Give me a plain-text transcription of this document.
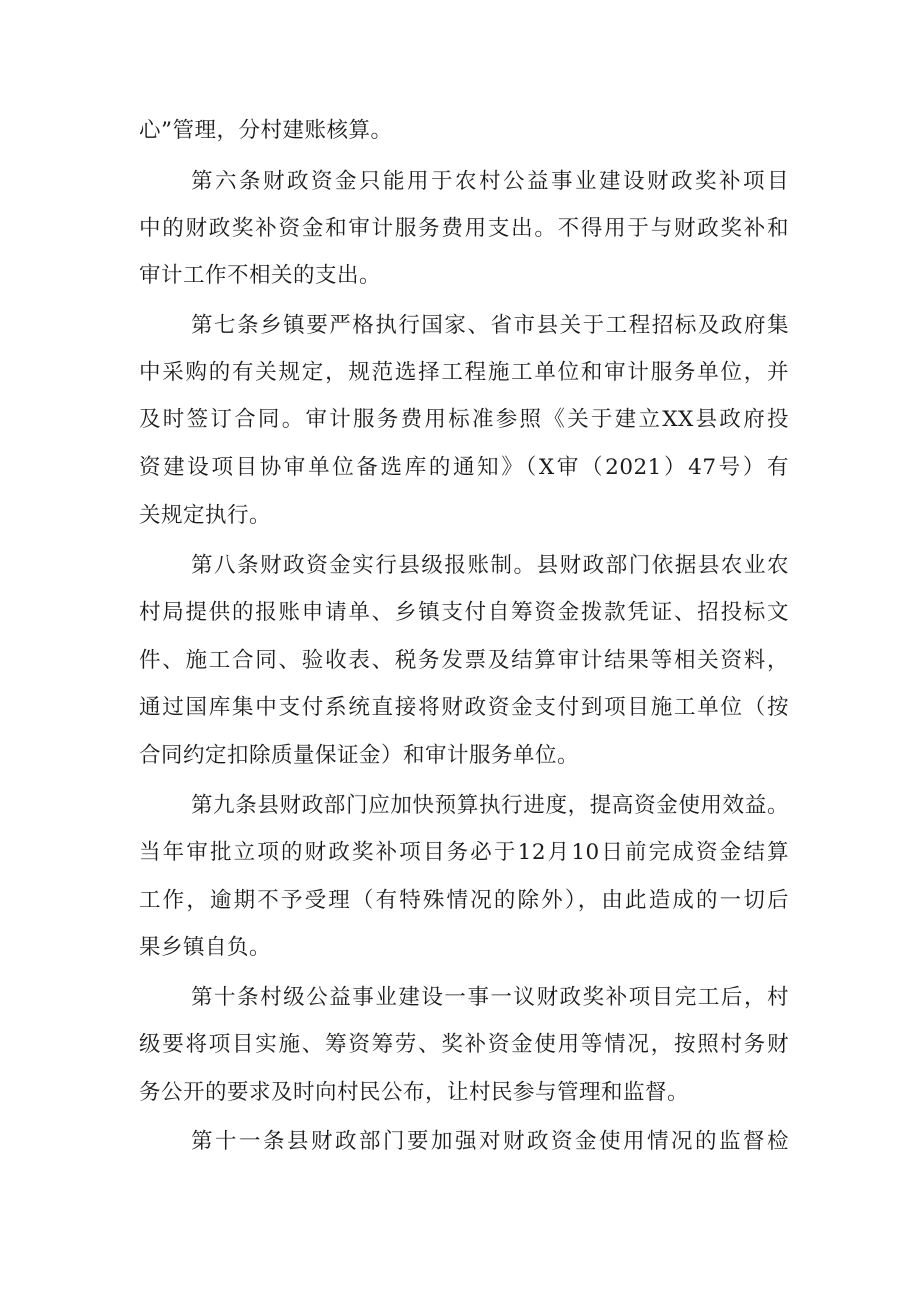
心”管理，分村建账核算。
第六条财政资金只能用于农村公益事业建设财政奖补项目
中的财政奖补资金和审计服务费用支出。不得用于与财政奖补和
审计工作不相关的支出。
第七条乡镇要严格执行国家、省市县关于工程招标及政府集
中采购的有关规定，规范选择工程施工单位和审计服务单位，并
及时签订合同。审计服务费用标准参照《关于建立XX县政府投
资建设项目协审单位备选库的通知》（X审（2021）47号）有
关规定执行。
第八条财政资金实行县级报账制。县财政部门依据县农业农
村局提供的报账申请单、乡镇支付自筹资金拨款凭证、招投标文
件、施工合同、验收表、税务发票及结算审计结果等相关资料，
通过国库集中支付系统直接将财政资金支付到项目施工单位（按
合同约定扣除质量保证金）和审计服务单位。
第九条县财政部门应加快预算执行进度，提高资金使用效益。
当年审批立项的财政奖补项目务必于12月10日前完成资金结算
工作，逾期不予受理（有特殊情况的除外），由此造成的一切后
果乡镇自负。
第十条村级公益事业建设一事一议财政奖补项目完工后，村
级要将项目实施、筹资筹劳、奖补资金使用等情况，按照村务财
务公开的要求及时向村民公布，让村民参与管理和监督。
第十一条县财政部门要加强对财政资金使用情况的监督检
